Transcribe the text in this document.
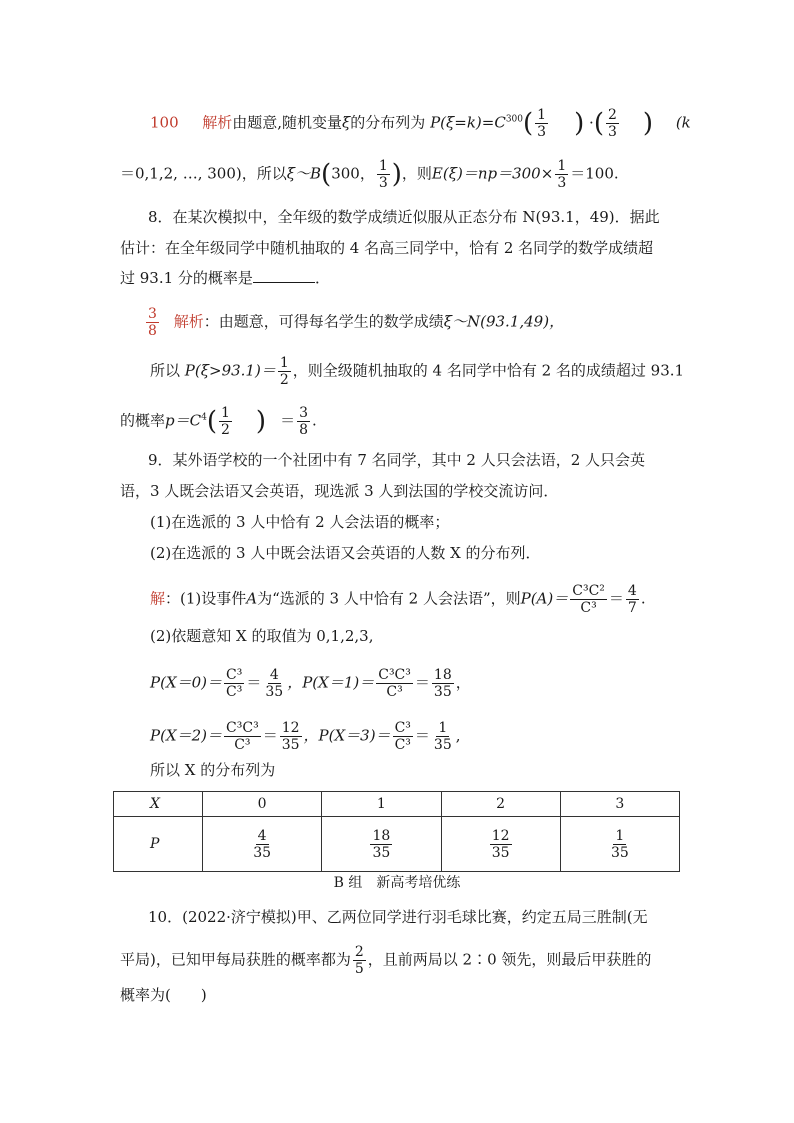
100 解析由题意,随机变量ξ的分布列为 $P(\xi=k)=C^{300}( \frac{1}{3}$ ) ·( $\frac{2}{3}$ ) (k
＝0,1,2, …, 300)，所以ξ～B(300， $\frac{1}{3}$ )，则$E(\xi)=np=300\times \frac{1}{3} =100$.
8．在某次模拟中，全年级的数学成绩近似服从正态分布 N(93.1，49)．据此
估计：在全年级同学中随机抽取的 4 名高三同学中，恰有 2 名同学的数学成绩超
过 93.1 分的概率是	．
$\frac{3}{8}$ 解析：由题意，可得每名学生的数学成绩ξ～N(93.1,49)，
所以 $P(\xi>93.1)= \frac{1}{2}$ ，则全级随机抽取的 4 名同学中恰有 2 名的成绩超过 93.1
的概率$p=C^4( \frac{1}{2}$ ) ＝ $\frac{3}{8}$ .
9．某外语学校的一个社团中有 7 名同学，其中 2 人只会法语，2 人只会英
语，3 人既会法语又会英语，现选派 3 人到法国的学校交流访问．
(1)在选派的 3 人中恰有 2 人会法语的概率；
(2)在选派的 3 人中既会法语又会英语的人数 X 的分布列．
解：(1)设事件A为“选派的 3 人中恰有 2 人会法语”，则$P(A)= \frac{\text{C³C²}}{\text{C³}} = \frac{4}{7}$ .
(2)依题意知 X 的取值为 0,1,2,3,
$P(X=0)= \frac{\text{C³}}{\text{C³}} = \frac{4}{35}$ ，$P(X=1)= \frac{\text{C³C³}}{\text{C³}} = \frac{18}{35}$ ，
$P(X=2)= \frac{\text{C³C³}}{\text{C³}} = \frac{12}{35}$ ，$P(X=3)= \frac{\text{C³}}{\text{C³}} = \frac{1}{35}$ ,
所以 X 的分布列为
X	0	1	2	3
P	$\frac{4}{35}$	$\frac{18}{35}$	$\frac{12}{35}$	$\frac{1}{35}$
B 组　新高考培优练
10．(2022·济宁模拟)甲、乙两位同学进行羽毛球比赛，约定五局三胜制(无
平局)，已知甲每局获胜的概率都为 $\frac{2}{5}$ ，且前两局以 2∶0 领先，则最后甲获胜的
概率为(　　)
